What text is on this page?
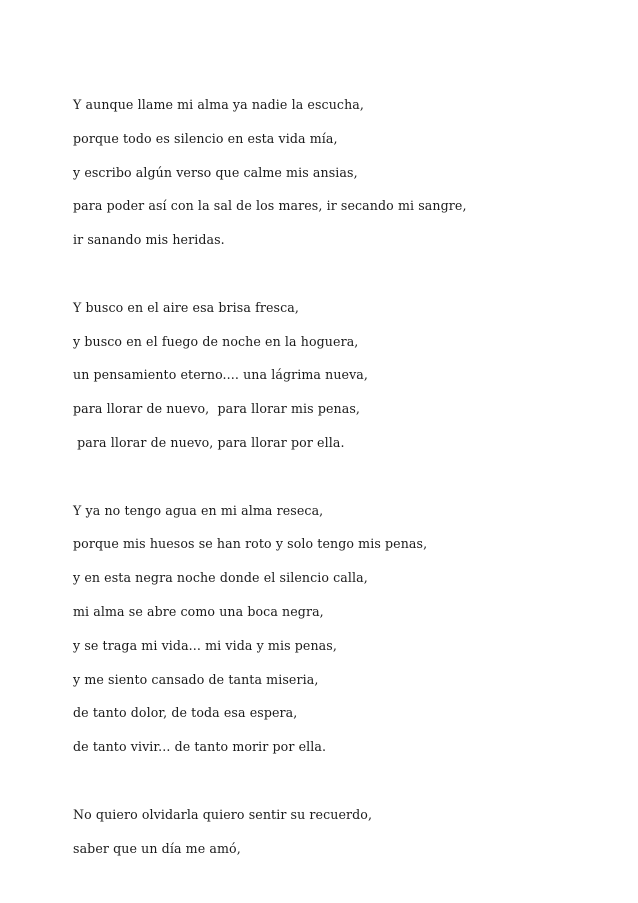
Y aunque llame mi alma ya nadie la escucha,
porque todo es silencio en esta vida mía,
y escribo algún verso que calme mis ansias,
para poder así con la sal de los mares, ir secando mi sangre,
ir sanando mis heridas.
Y busco en el aire esa brisa fresca,
y busco en el fuego de noche en la hoguera,
un pensamiento eterno.... una lágrima nueva,
para llorar de nuevo,  para llorar mis penas,
para llorar de nuevo, para llorar por ella.
Y ya no tengo agua en mi alma reseca,
porque mis huesos se han roto y solo tengo mis penas,
y en esta negra noche donde el silencio calla,
mi alma se abre como una boca negra,
y se traga mi vida... mi vida y mis penas,
y me siento cansado de tanta miseria,
de tanto dolor, de toda esa espera,
de tanto vivir... de tanto morir por ella.
No quiero olvidarla quiero sentir su recuerdo,
saber que un día me amó,
